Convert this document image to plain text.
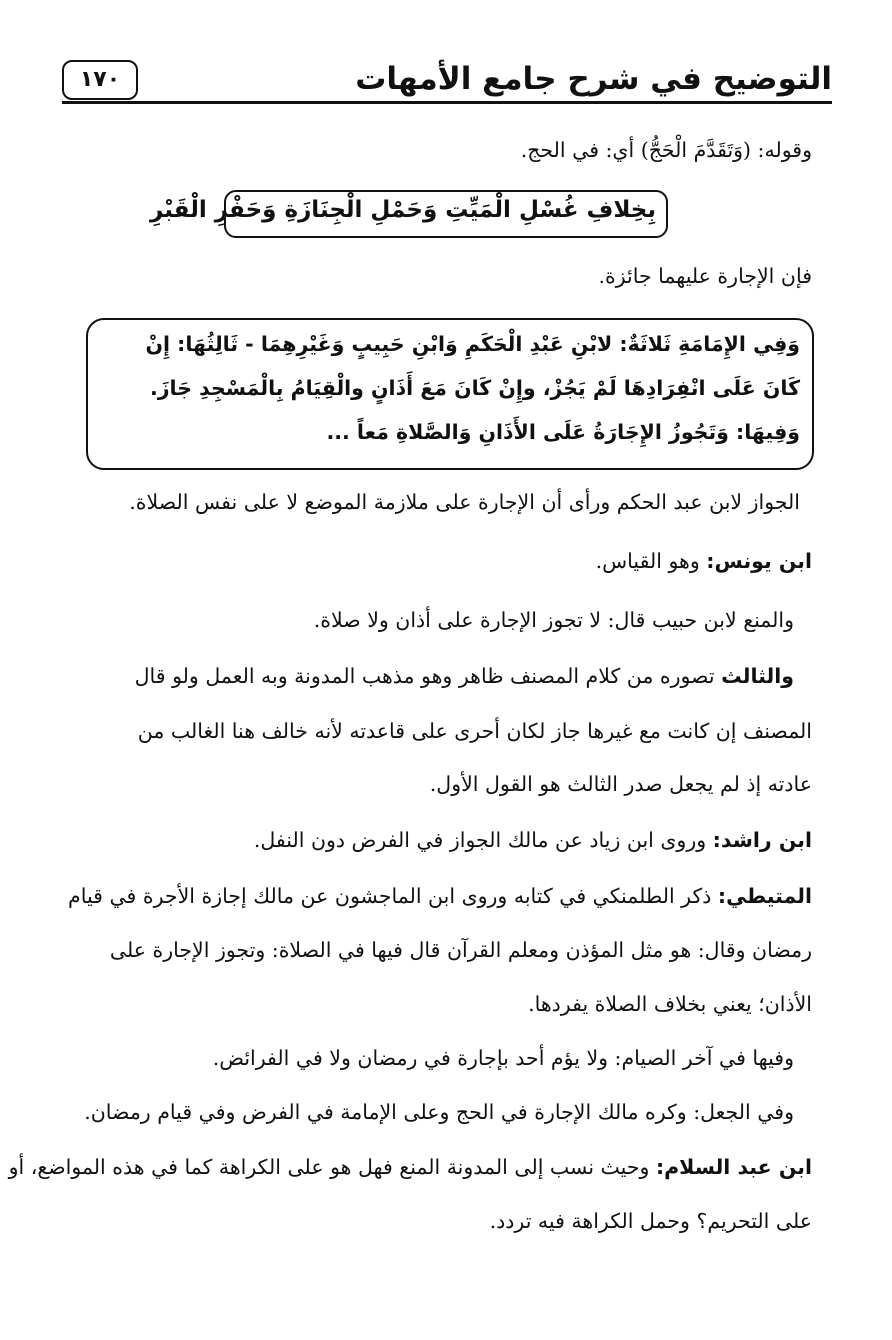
التوضيح في شرح جامع الأمهات
١٧٠
وقوله: (وَتَقَدَّمَ الْحَجُّ) أي: في الحج.
بِخِلافِ غُسْلِ الْمَيِّتِ وَحَمْلِ الْجِنَازَةِ وَحَفْرِ الْقَبْرِ
فإن الإجارة عليهما جائزة.
وَفِي الإِمَامَةِ ثَلاثَةٌ: لابْنِ عَبْدِ الْحَكَمِ وَابْنِ حَبِيبٍ وَغَيْرِهِمَا - ثَالِثُهَا: إِنْ
كَانَ عَلَى انْفِرَادِهَا لَمْ يَجُزْ، وإِنْ كَانَ مَعَ أَذَانٍ والْقِيَامُ بِالْمَسْجِدِ جَازَ.
وَفِيهَا: وَتَجُوزُ الإِجَارَةُ عَلَى الأَذَانِ وَالصَّلاةِ مَعاً ...
الجواز لابن عبد الحكم ورأى أن الإجارة على ملازمة الموضع لا على نفس الصلاة.
ابن يونس: وهو القياس.
والمنع لابن حبيب قال: لا تجوز الإجارة على أذان ولا صلاة.
والثالث تصوره من كلام المصنف ظاهر وهو مذهب المدونة وبه العمل ولو قال
المصنف إن كانت مع غيرها جاز لكان أحرى على قاعدته لأنه خالف هنا الغالب من
عادته إذ لم يجعل صدر الثالث هو القول الأول.
ابن راشد: وروى ابن زياد عن مالك الجواز في الفرض دون النفل.
المتيطي: ذكر الطلمنكي في كتابه وروى ابن الماجشون عن مالك إجازة الأجرة في قيام
رمضان وقال: هو مثل المؤذن ومعلم القرآن قال فيها في الصلاة: وتجوز الإجارة على
الأذان؛ يعني بخلاف الصلاة يفردها.
وفيها في آخر الصيام: ولا يؤم أحد بإجارة في رمضان ولا في الفرائض.
وفي الجعل: وكره مالك الإجارة في الحج وعلى الإمامة في الفرض وفي قيام رمضان.
ابن عبد السلام: وحيث نسب إلى المدونة المنع فهل هو على الكراهة كما في هذه المواضع، أو
على التحريم؟ وحمل الكراهة فيه تردد.
